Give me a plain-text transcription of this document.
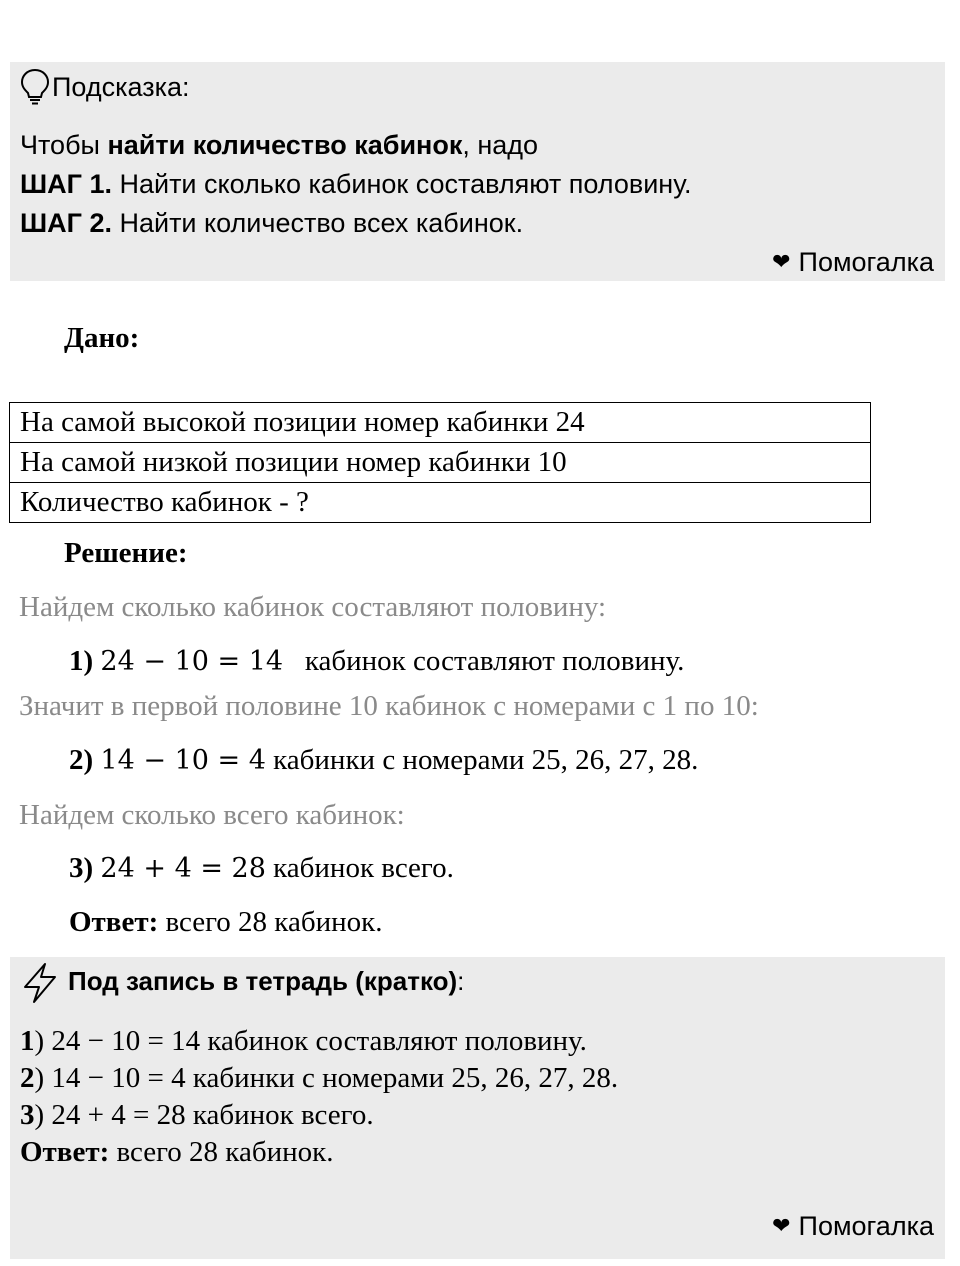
Подсказка:
Чтобы найти количество кабинок, надо
ШАГ 1. Найти сколько кабинок составляют половину.
ШАГ 2. Найти количество всех кабинок.
❤ Помогалка
Дано:
На самой высокой позиции номер кабинки 24
На самой низкой позиции номер кабинки 10
Количество кабинок - ?
Решение:
Найдем сколько кабинок составляют половину:
1) 24 − 10 = 14 кабинок составляют половину.
Значит в первой половине 10 кабинок с номерами с 1 по 10:
2) 14 − 10 = 4 кабинки с номерами 25, 26, 27, 28.
Найдем сколько всего кабинок:
3) 24 + 4 = 28 кабинок всего.
Ответ: всего 28 кабинок.
Под запись в тетрадь (кратко):
1) 24 − 10 = 14 кабинок составляют половину.
2) 14 − 10 = 4 кабинки с номерами 25, 26, 27, 28.
3) 24 + 4 = 28 кабинок всего.
Ответ: всего 28 кабинок.
❤ Помогалка
